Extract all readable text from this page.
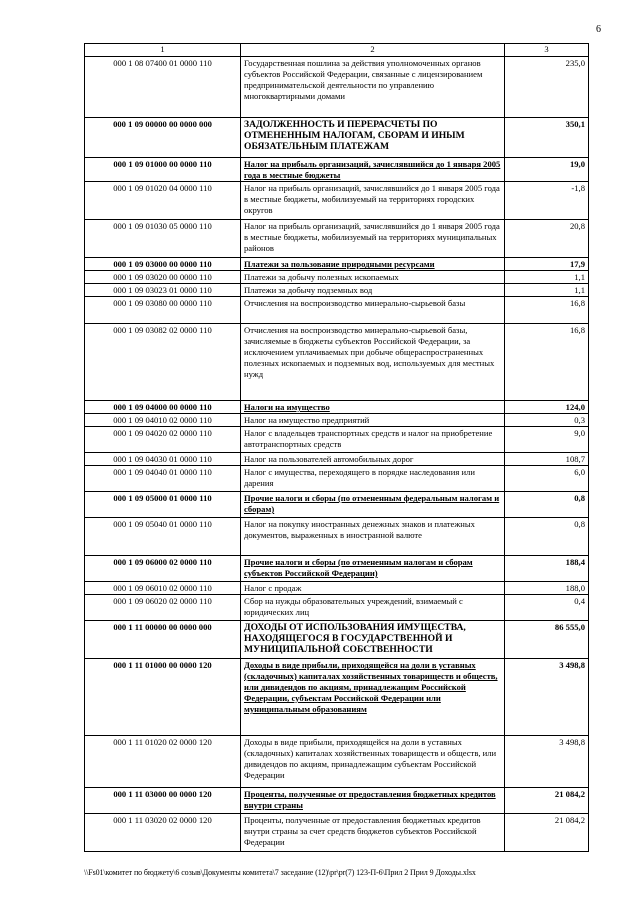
6
1	2	3
000 1 08 07400 01 0000 110	Государственная пошлина за действия уполномоченных органов субъектов Российской Федерации, связанные с лицензированием предпринимательской деятельности по управлению многоквартирными домами	235,0
000 1 09 00000 00 0000 000	ЗАДОЛЖЕННОСТЬ И ПЕРЕРАСЧЕТЫ ПО ОТМЕНЕННЫМ НАЛОГАМ, СБОРАМ И ИНЫМ ОБЯЗАТЕЛЬНЫМ ПЛАТЕЖАМ	350,1
000 1 09 01000 00 0000 110	Налог на прибыль организаций, зачислявшийся до 1 января 2005 года в местные бюджеты	19,0
000 1 09 01020 04 0000 110	Налог на прибыль организаций, зачислявшийся до 1 января 2005 года в местные бюджеты, мобилизуемый на территориях городских округов	-1,8
000 1 09 01030 05 0000 110	Налог на прибыль организаций, зачислявшийся до 1 января 2005 года в местные бюджеты, мобилизуемый на территориях муниципальных районов	20,8
000 1 09 03000 00 0000 110	Платежи за пользование природными ресурсами	17,9
000 1 09 03020 00 0000 110	Платежи за добычу полезных ископаемых	1,1
000 1 09 03023 01 0000 110	Платежи за добычу подземных вод	1,1
000 1 09 03080 00 0000 110	Отчисления на воспроизводство минерально-сырьевой базы	16,8
000 1 09 03082 02 0000 110	Отчисления на воспроизводство минерально-сырьевой базы, зачисляемые в бюджеты субъектов Российской Федерации, за исключением уплачиваемых при добыче общераспространенных полезных ископаемых и подземных вод, используемых для местных нужд	16,8
000 1 09 04000 00 0000 110	Налоги на имущество	124,0
000 1 09 04010 02 0000 110	Налог на имущество предприятий	0,3
000 1 09 04020 02 0000 110	Налог с владельцев транспортных средств и налог на приобретение автотранспортных средств	9,0
000 1 09 04030 01 0000 110	Налог на пользователей автомобильных дорог	108,7
000 1 09 04040 01 0000 110	Налог с имущества, переходящего в порядке наследования или дарения	6,0
000 1 09 05000 01 0000 110	Прочие налоги и сборы (по отмененным федеральным налогам и сборам)	0,8
000 1 09 05040 01 0000 110	Налог на покупку иностранных денежных знаков и платежных документов, выраженных в иностранной валюте	0,8
000 1 09 06000 02 0000 110	Прочие налоги и сборы (по отмененным налогам и сборам субъектов Российской Федерации)	188,4
000 1 09 06010 02 0000 110	Налог с продаж	188,0
000 1 09 06020 02 0000 110	Сбор на нужды образовательных учреждений, взимаемый с юридических лиц	0,4
000 1 11 00000 00 0000 000	ДОХОДЫ ОТ ИСПОЛЬЗОВАНИЯ ИМУЩЕСТВА, НАХОДЯЩЕГОСЯ В ГОСУДАРСТВЕННОЙ И МУНИЦИПАЛЬНОЙ СОБСТВЕННОСТИ	86 555,0
000 1 11 01000 00 0000 120	Доходы в виде прибыли, приходящейся на доли в уставных (складочных) капиталах хозяйственных товариществ и обществ, или дивидендов по акциям, принадлежащим Российской Федерации, субъектам Российской Федерации или муниципальным образованиям	3 498,8
000 1 11 01020 02 0000 120	Доходы в виде прибыли, приходящейся на доли в уставных (складочных) капиталах хозяйственных товариществ и обществ, или дивидендов по акциям, принадлежащим субъектам Российской Федерации	3 498,8
000 1 11 03000 00 0000 120	Проценты, полученные от предоставления бюджетных кредитов внутри страны	21 084,2
000 1 11 03020 02 0000 120	Проценты, полученные от предоставления бюджетных кредитов внутри страны за счет средств бюджетов субъектов Российской Федерации	21 084,2
\\Fs01\комитет по бюджету\6 созыв\Документы комитета\7 заседание (12)\pr\pr(7) 123-П-6\Прил 2 Прил 9 Доходы.xlsx
